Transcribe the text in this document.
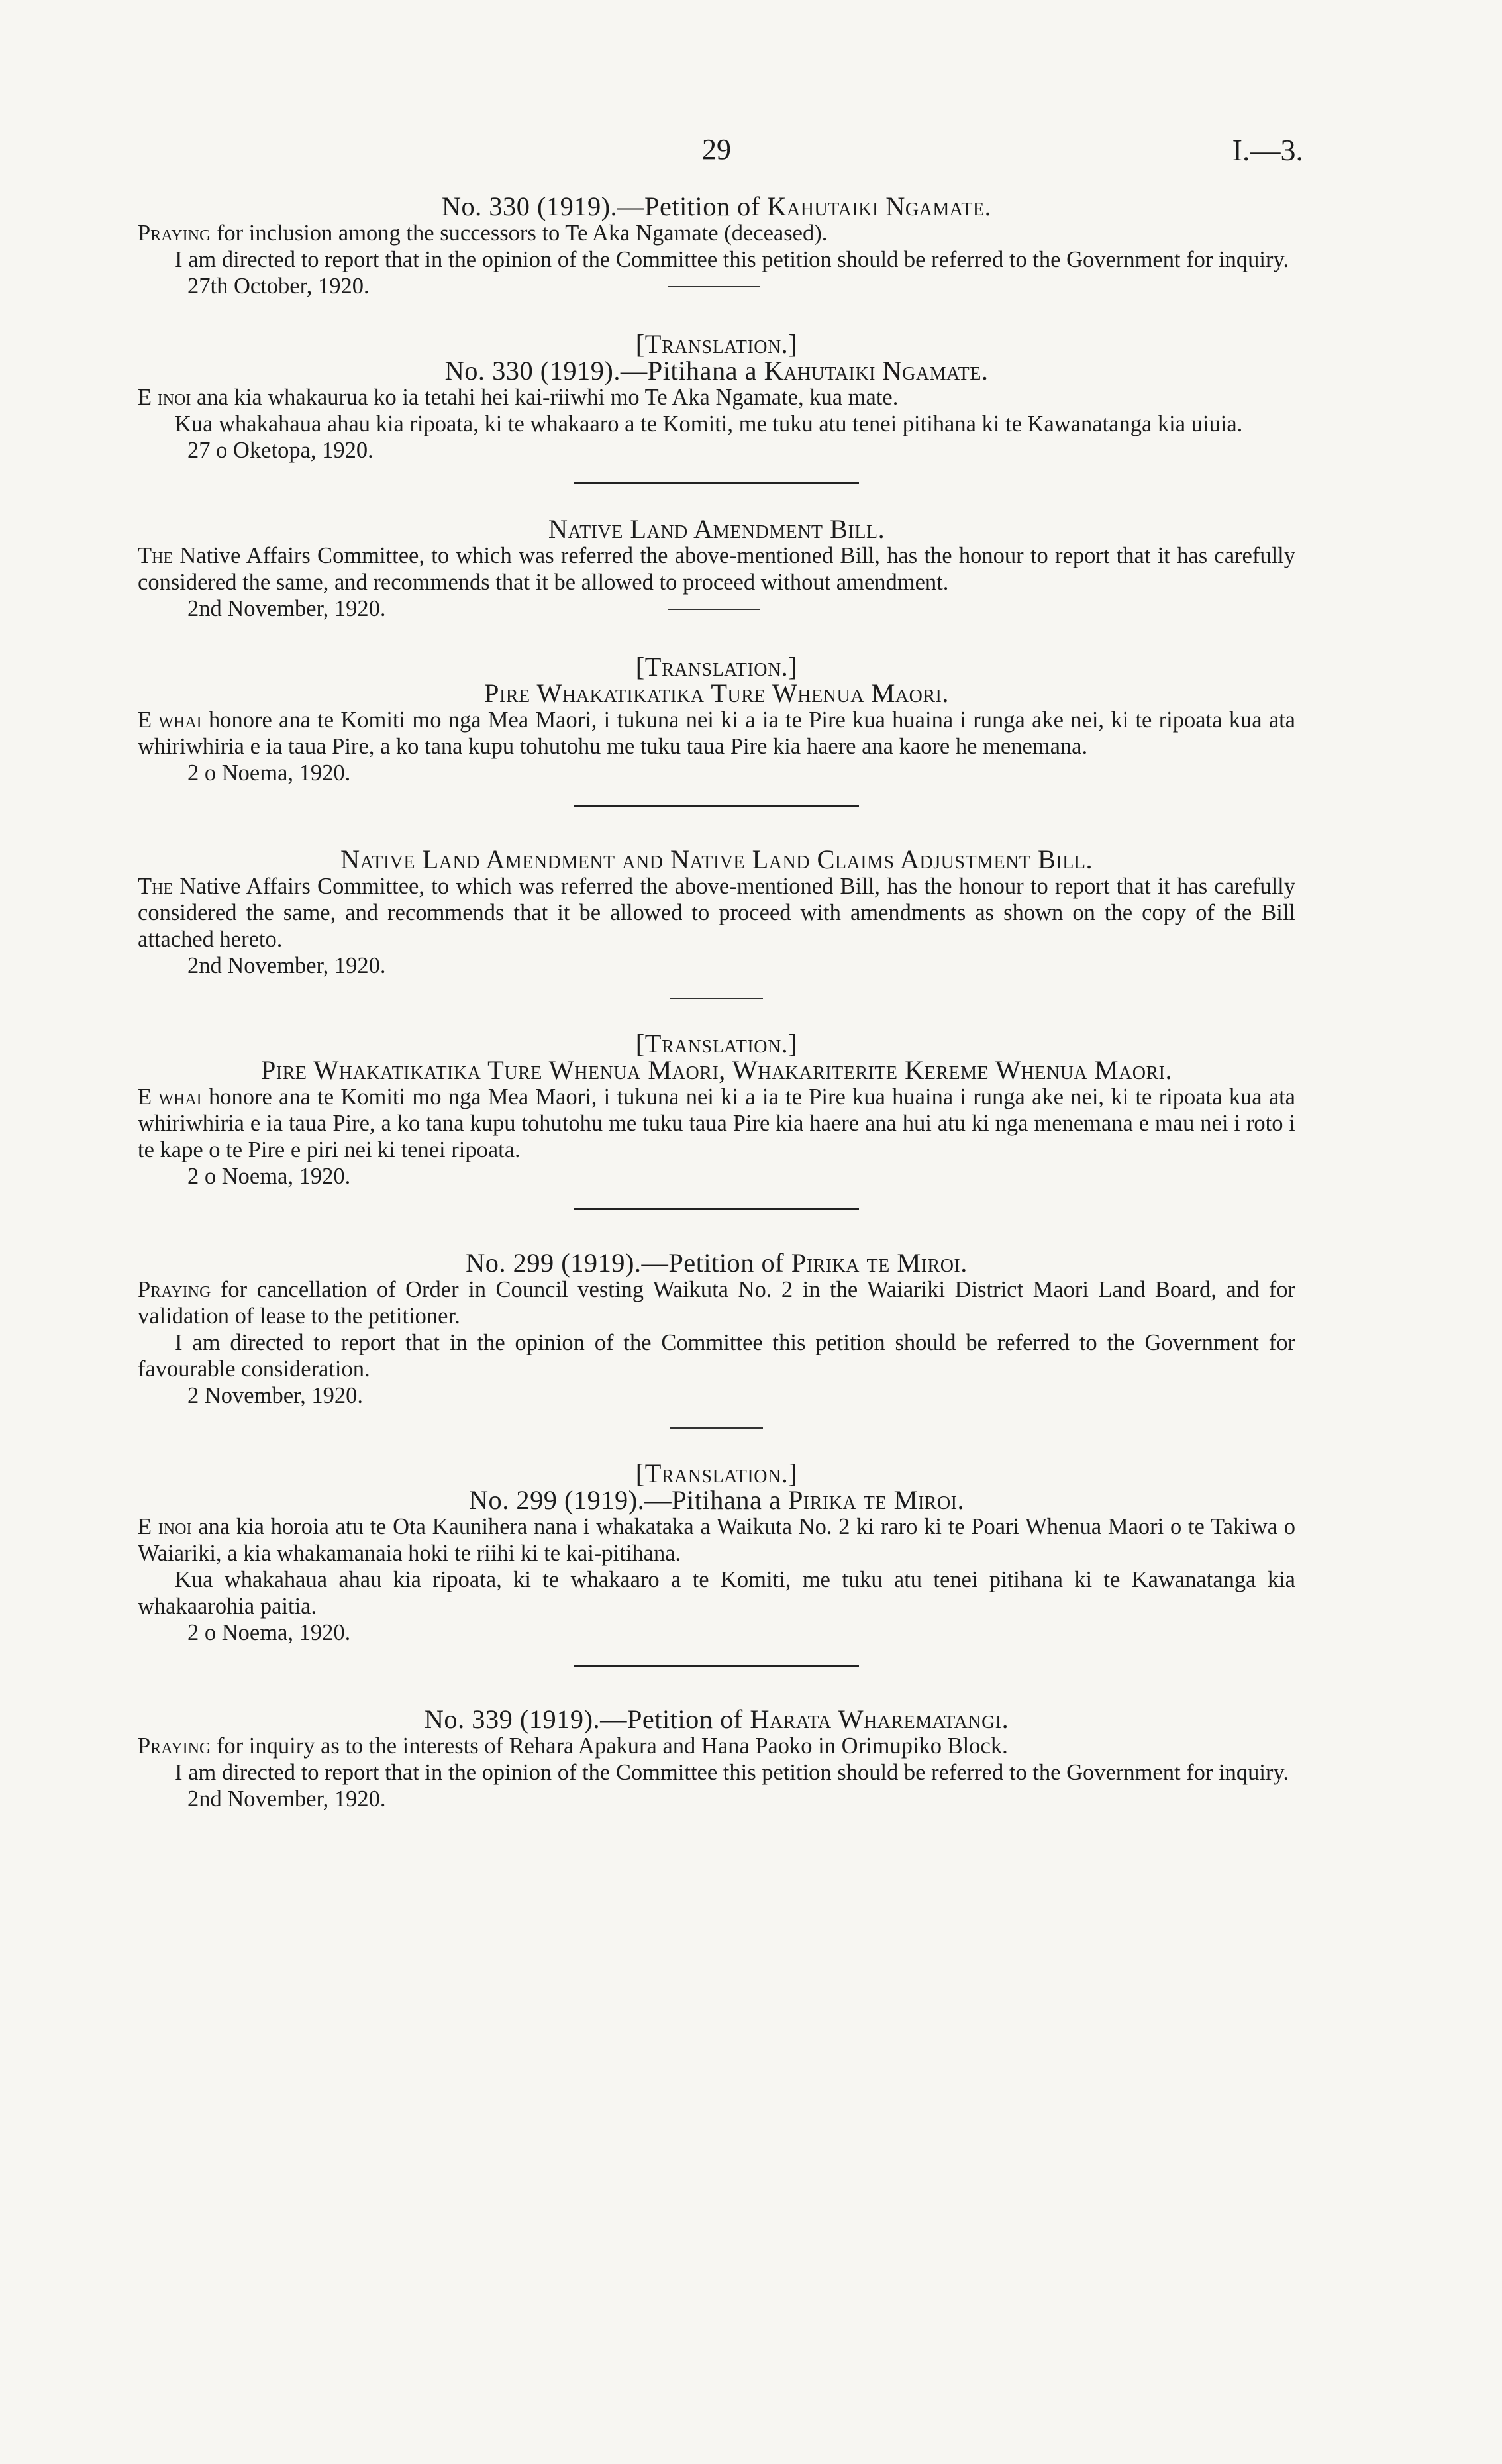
29	I.—3.
No. 330 (1919).—Petition of Kahutaiki Ngamate.

Praying for inclusion among the successors to Te Aka Ngamate (deceased).

I am directed to report that in the opinion of the Committee this petition should be referred to the Government for inquiry.

27th October, 1920.

[Translation.]
No. 330 (1919).—Pitihana a Kahutaiki Ngamate.

E inoi ana kia whakaurua ko ia tetahi hei kai-riiwhi mo Te Aka Ngamate, kua mate.

Kua whakahaua ahau kia ripoata, ki te whakaaro a te Komiti, me tuku atu tenei pitihana ki te Kawanatanga kia uiuia.

27 o Oketopa, 1920.

Native Land Amendment Bill.

The Native Affairs Committee, to which was referred the above-mentioned Bill, has the honour to report that it has carefully considered the same, and recommends that it be allowed to proceed without amendment.

2nd November, 1920.

[Translation.]
Pire Whakatikatika Ture Whenua Maori.

E whai honore ana te Komiti mo nga Mea Maori, i tukuna nei ki a ia te Pire kua huaina i runga ake nei, ki te ripoata kua ata whiriwhiria e ia taua Pire, a ko tana kupu tohutohu me tuku taua Pire kia haere ana kaore he menemana.

2 o Noema, 1920.

Native Land Amendment and Native Land Claims Adjustment Bill.

The Native Affairs Committee, to which was referred the above-mentioned Bill, has the honour to report that it has carefully considered the same, and recommends that it be allowed to proceed with amendments as shown on the copy of the Bill attached hereto.

2nd November, 1920.

[Translation.]
Pire Whakatikatika Ture Whenua Maori, Whakariterite Kereme Whenua Maori.

E whai honore ana te Komiti mo nga Mea Maori, i tukuna nei ki a ia te Pire kua huaina i runga ake nei, ki te ripoata kua ata whiriwhiria e ia taua Pire, a ko tana kupu tohutohu me tuku taua Pire kia haere ana hui atu ki nga menemana e mau nei i roto i te kape o te Pire e piri nei ki tenei ripoata.

2 o Noema, 1920.

No. 299 (1919).—Petition of Pirika te Miroi.

Praying for cancellation of Order in Council vesting Waikuta No. 2 in the Waiariki District Maori Land Board, and for validation of lease to the petitioner.

I am directed to report that in the opinion of the Committee this petition should be referred to the Government for favourable consideration.

2 November, 1920.

[Translation.]
No. 299 (1919).—Pitihana a Pirika te Miroi.

E inoi ana kia horoia atu te Ota Kaunihera nana i whakataka a Waikuta No. 2 ki raro ki te Poari Whenua Maori o te Takiwa o Waiariki, a kia whakamanaia hoki te riihi ki te kai-pitihana.

Kua whakahaua ahau kia ripoata, ki te whakaaro a te Komiti, me tuku atu tenei pitihana ki te Kawanatanga kia whakaarohia paitia.

2 o Noema, 1920.

No. 339 (1919).—Petition of Harata Wharematangi.

Praying for inquiry as to the interests of Rehara Apakura and Hana Paoko in Orimupiko Block.

I am directed to report that in the opinion of the Committee this petition should be referred to the Government for inquiry.

2nd November, 1920.
